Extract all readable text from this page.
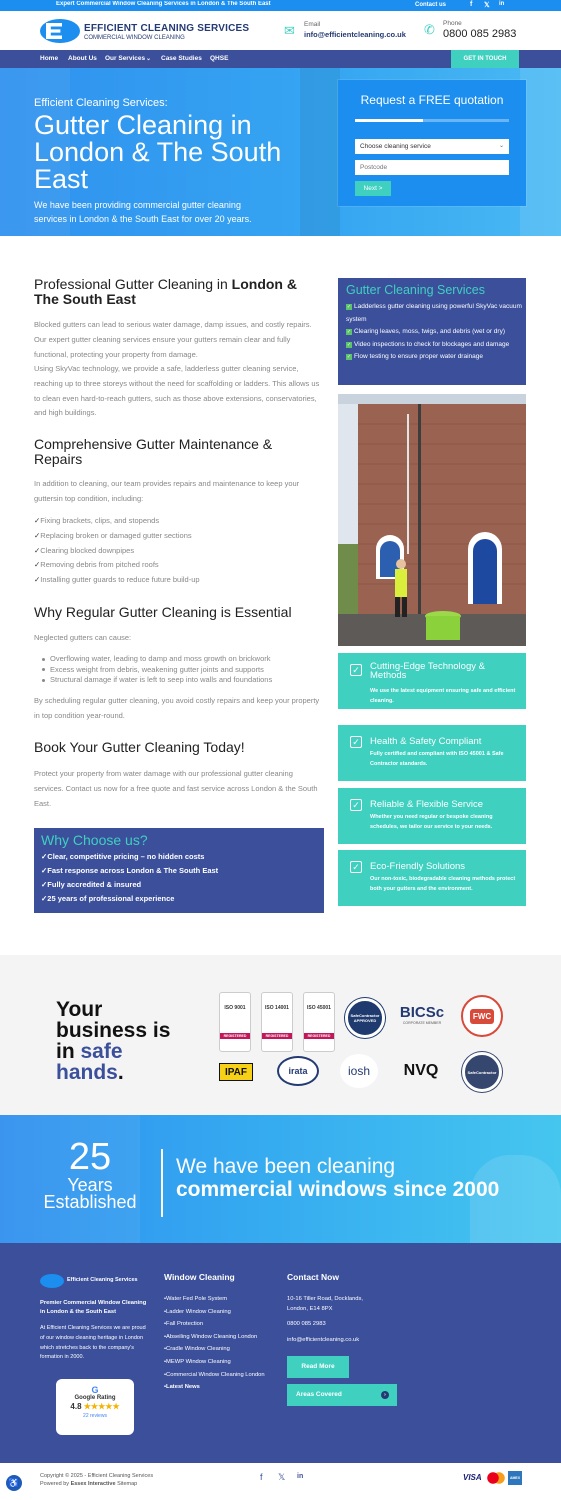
Expert Commercial Window Cleaning Services in London & The South East	Contact us	f 𝕏 in
EFFICIENT CLEANING SERVICES
COMMERCIAL WINDOW CLEANING	✉ Email
info@efficientcleaning.co.uk ✆ Phone
0800 085 2983
Home About Us Our Services ⌄ Case Studies QHSE	GET IN TOUCH
Efficient Cleaning Services:
Gutter Cleaning in London & The South East
We have been providing commercial gutter cleaning services in London & the South East for over 20 years.
Request a FREE quotation
Choose cleaning service	⌄
Postcode
Next >
Professional Gutter Cleaning in London & The South East
Blocked gutters can lead to serious water damage, damp issues, and costly repairs. Our expert gutter cleaning services ensure your gutters remain clear and fully functional, protecting your property from damage.
Using SkyVac technology, we provide a safe, ladderless gutter cleaning service, reaching up to three storeys without the need for scaffolding or ladders. This allows us to clean even hard-to-reach gutters, such as those above extensions, conservatories, and high buildings.
Comprehensive Gutter Maintenance & Repairs
In addition to cleaning, our team provides repairs and maintenance to keep your guttersin top condition, including:
✓ Fixing brackets, clips, and stopends
✓ Replacing broken or damaged gutter sections
✓ Clearing blocked downpipes
✓ Removing debris from pitched roofs
✓ Installing gutter guards to reduce future build-up
Why Regular Gutter Cleaning is Essential
Neglected gutters can cause:
Overflowing water, leading to damp and moss growth on brickwork
Excess weight from debris, weakening gutter joints and supports
Structural damage if water is left to seep into walls and foundations
By scheduling regular gutter cleaning, you avoid costly repairs and keep your property in top condition year-round.
Book Your Gutter Cleaning Today!
Protect your property from water damage with our professional gutter cleaning services. Contact us now for a free quote and fast service across London & the South East.
Why Choose us?
✓ Clear, competitive pricing – no hidden costs
✓ Fast response across London & The South East
✓ Fully accredited & insured
✓ 25 years of professional experience
Gutter Cleaning Services
✓ Ladderless gutter cleaning using powerful SkyVac vacuum system
✓ Clearing leaves, moss, twigs, and debris (wet or dry)
✓ Video inspections to check for blockages and damage
✓ Flow testing to ensure proper water drainage
✓ Cutting-Edge Technology & Methods
We use the latest equipment ensuring safe and efficient cleaning.
✓ Health & Safety Compliant
Fully certified and compliant with ISO 45001 & Safe Contractor standards.
✓ Reliable & Flexible Service
Whether you need regular or bespoke cleaning schedules, we tailor our service to your needs.
✓ Eco-Friendly Solutions
Our non-toxic, biodegradable cleaning methods protect both your gutters and the environment.
Your
business is
in safe
hands.
ISO 9001
REGISTERED
ISO 14001
REGISTERED
ISO 45001
REGISTERED
SafeContractor APPROVED	BICSc
CORPORATE MEMBER
FWC
IPAF	irata	iosh	NVQ	SafeContractor
25
Years
Established
We have been cleaning
commercial windows since 2000
Efficient Cleaning Services
Premier Commercial Window Cleaning in London & the South East
At Efficient Cleaning Services we are proud of our window cleaning heritage in London which stretches back to the company's formation in 2000.
Window Cleaning
• Water Fed Pole System
• Ladder Window Cleaning
• Fall Protection
• Abseiling Window Cleaning London
• Cradle Window Cleaning
• MEWP Window Cleaning
• Commercial Window Cleaning London
• Latest News
Contact Now
10-16 Tiller Road, Docklands, London, E14 8PX
0800 085 2983
info@efficientcleaning.co.uk
Read More
Areas Covered	›
G
Google Rating
4.8 ★★★★★
22 reviews
♿
Copyright © 2025 - Efficient Cleaning Services
Powered by Essex Interactive Sitemap
f 𝕏 in	VISA	AMEX
